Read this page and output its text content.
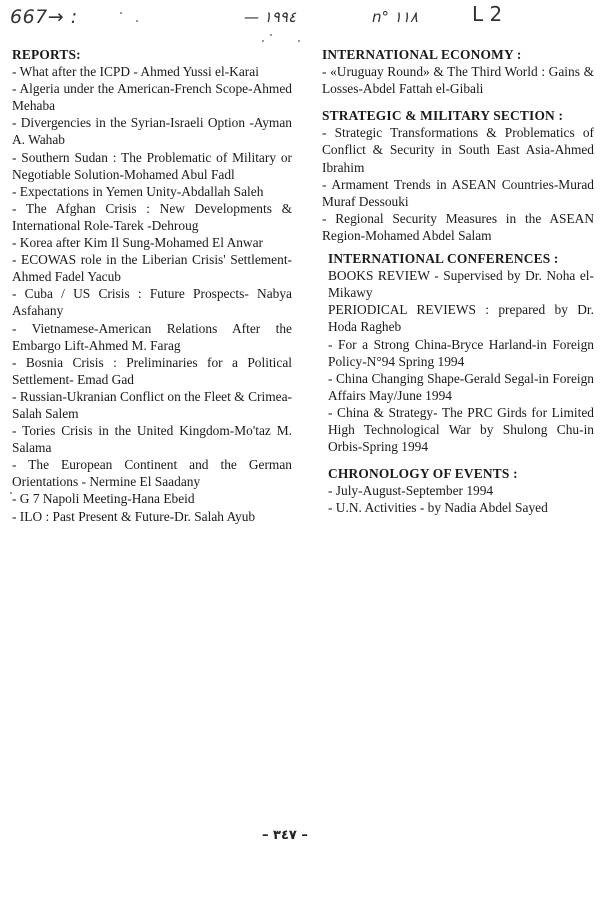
667→ :	— ١٩٩٤	n° ١١٨	L 2

REPORTS:

- What after the ICPD - Ahmed Yussi el-Karai

- Algeria under the American-French Scope-Ahmed Mehaba

- Divergencies in the Syrian-Israeli Option -Ayman A. Wahab

- Southern Sudan : The Problematic of Military or Negotiable Solution-Mohamed Abul Fadl

- Expectations in Yemen Unity-Abdallah Saleh

- The Afghan Crisis : New Developments & International Role-Tarek -Dehroug

- Korea after Kim Il Sung-Mohamed El Anwar

- ECOWAS role in the Liberian Crisis' Settlement- Ahmed Fadel Yacub

- Cuba / US Crisis : Future Prospects- Nabya Asfahany

- Vietnamese-American Relations After the Embargo Lift-Ahmed M. Farag

- Bosnia Crisis : Preliminaries for a Political Settlement- Emad Gad

- Russian-Ukranian Conflict on the Fleet & Crimea-Salah Salem

- Tories Crisis in the United Kingdom-Mo'taz M. Salama

- The European Continent and the German Orientations - Nermine El Saadany

- G 7 Napoli Meeting-Hana Ebeid

- ILO : Past Present & Future-Dr. Salah Ayub

INTERNATIONAL ECONOMY :

- «Uruguay Round» & The Third World : Gains & Losses-Abdel Fattah el-Gibali

STRATEGIC & MILITARY SECTION :

- Strategic Transformations & Problematics of Conflict & Security in South East Asia-Ahmed Ibrahim

- Armament Trends in ASEAN Countries-Murad Muraf Dessouki

- Regional Security Measures in the ASEAN Region-Mohamed Abdel Salam

INTERNATIONAL CONFERENCES :

BOOKS REVIEW - Supervised by Dr. Noha el-Mikawy

PERIODICAL REVIEWS : prepared by Dr. Hoda Ragheb

- For a Strong China-Bryce Harland-in Foreign Policy-N°94 Spring 1994

- China Changing Shape-Gerald Segal-in Foreign Affairs May/June 1994

- China & Strategy- The PRC Girds for Limited High Technological War by Shulong Chu-in Orbis-Spring 1994

CHRONOLOGY OF EVENTS :

- July-August-September 1994

- U.N. Activities - by Nadia Abdel Sayed

– ٣٤٧ –
